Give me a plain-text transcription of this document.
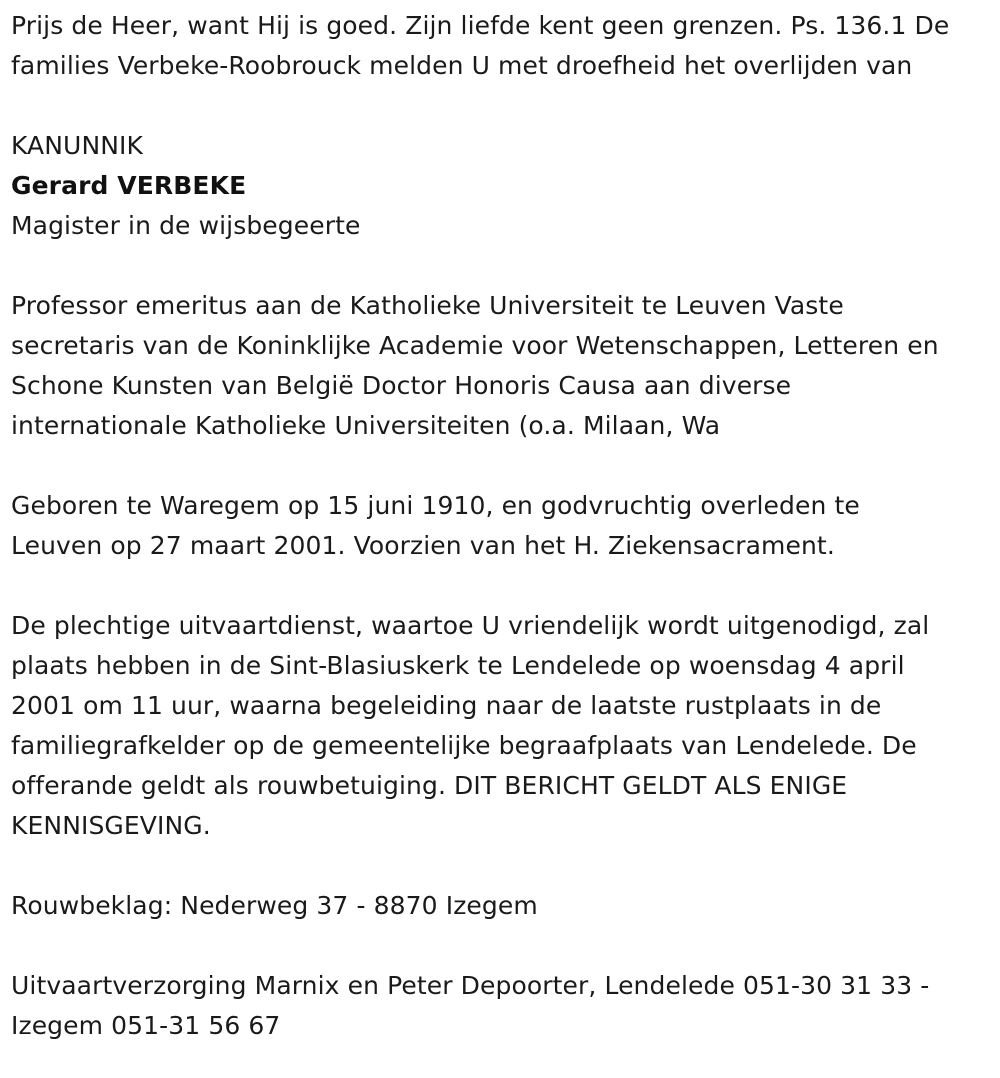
Prijs de Heer, want Hij is goed. Zijn liefde kent geen grenzen. Ps. 136.1 De

families Verbeke-Roobrouck melden U met droefheid het overlijden van

KANUNNIK

Gerard VERBEKE

Magister in de wijsbegeerte

Professor emeritus aan de Katholieke Universiteit te Leuven Vaste

secretaris van de Koninklijke Academie voor Wetenschappen, Letteren en

Schone Kunsten van België Doctor Honoris Causa aan diverse

internationale Katholieke Universiteiten (o.a. Milaan, Wa

Geboren te Waregem op 15 juni 1910, en godvruchtig overleden te

Leuven op 27 maart 2001. Voorzien van het H. Ziekensacrament.

De plechtige uitvaartdienst, waartoe U vriendelijk wordt uitgenodigd, zal

plaats hebben in de Sint-Blasiuskerk te Lendelede op woensdag 4 april

2001 om 11 uur, waarna begeleiding naar de laatste rustplaats in de

familiegrafkelder op de gemeentelijke begraafplaats van Lendelede. De

offerande geldt als rouwbetuiging. DIT BERICHT GELDT ALS ENIGE

KENNISGEVING.

Rouwbeklag: Nederweg 37 - 8870 Izegem

Uitvaartverzorging Marnix en Peter Depoorter, Lendelede 051-30 31 33 -

Izegem 051-31 56 67
